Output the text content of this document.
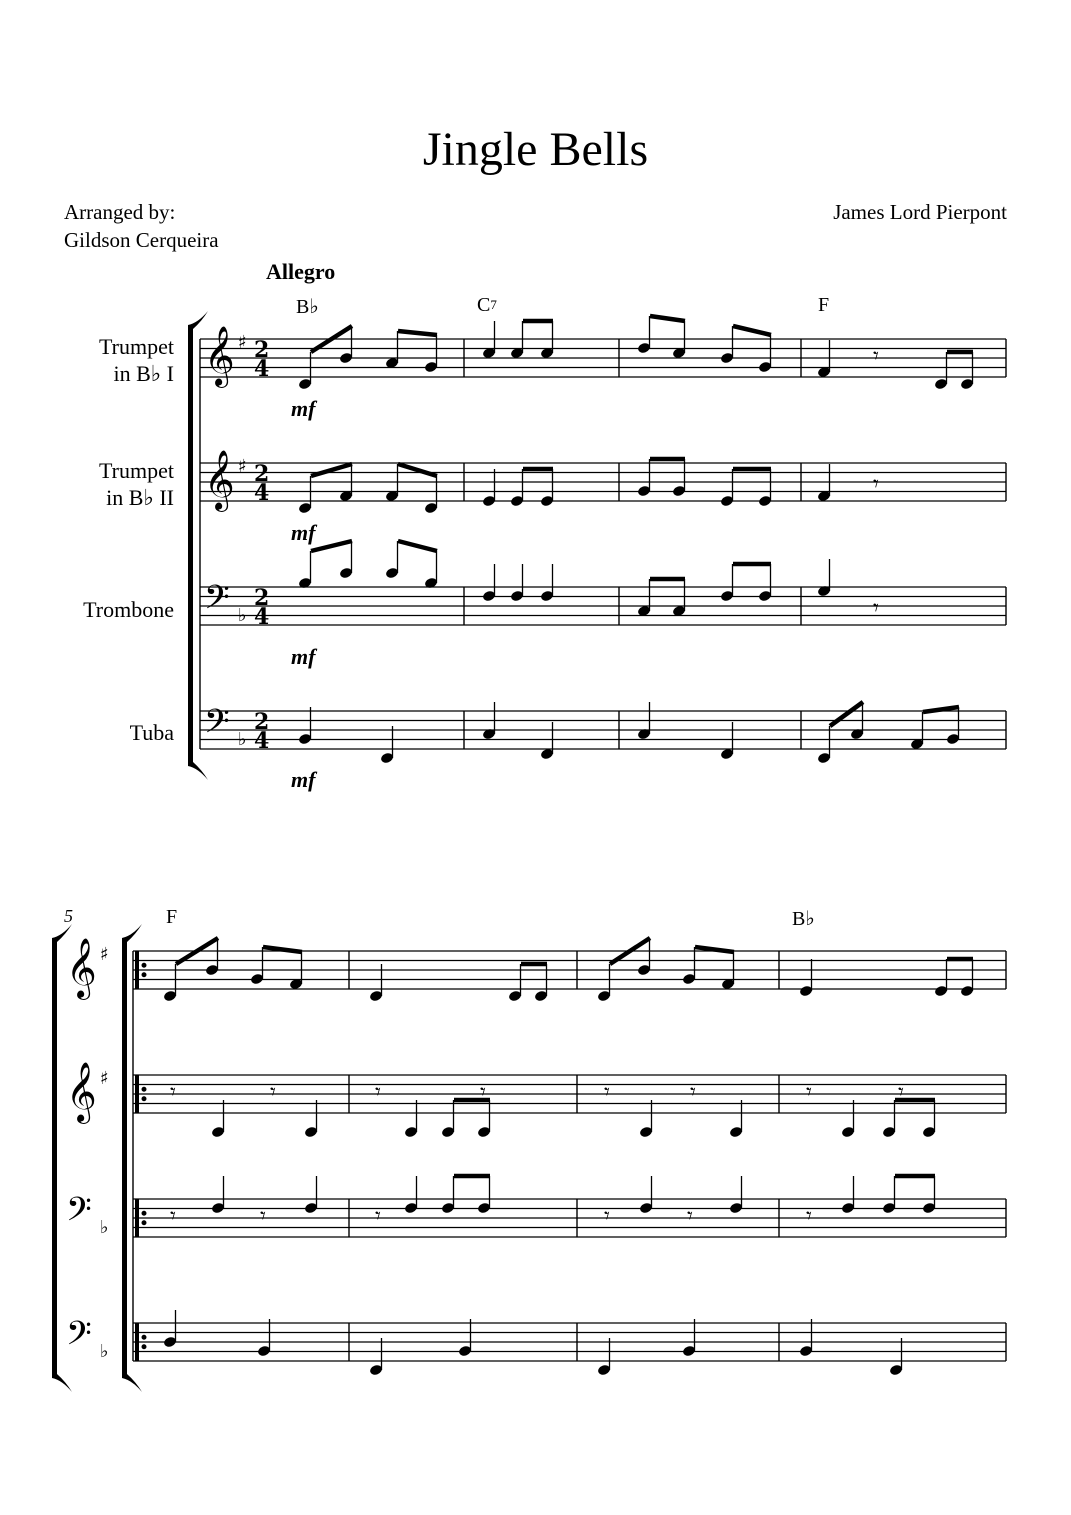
Jingle Bells
Arranged by:
Gildson Cerqueira
James Lord Pierpont
Allegro
B♭	$C^7$	F
F	B♭
5
Trumpet
in B♭ I
Trumpet
in B♭ II
Trombone
Tuba
mf
mf
mf
mf
𝄞 ♯ 2
4
𝄞 ♯ 2
4
𝄢 ♭
2
4
𝄢 ♭
2
4
𝄞 ♯
𝄞 ♯
𝄢 ♭
𝄢 ♭
𝄾
𝄾
𝄾
𝄾	𝄾	𝄾	𝄾	𝄾	𝄾	𝄾	𝄾
𝄾	𝄾	𝄾	𝄾	𝄾	𝄾
